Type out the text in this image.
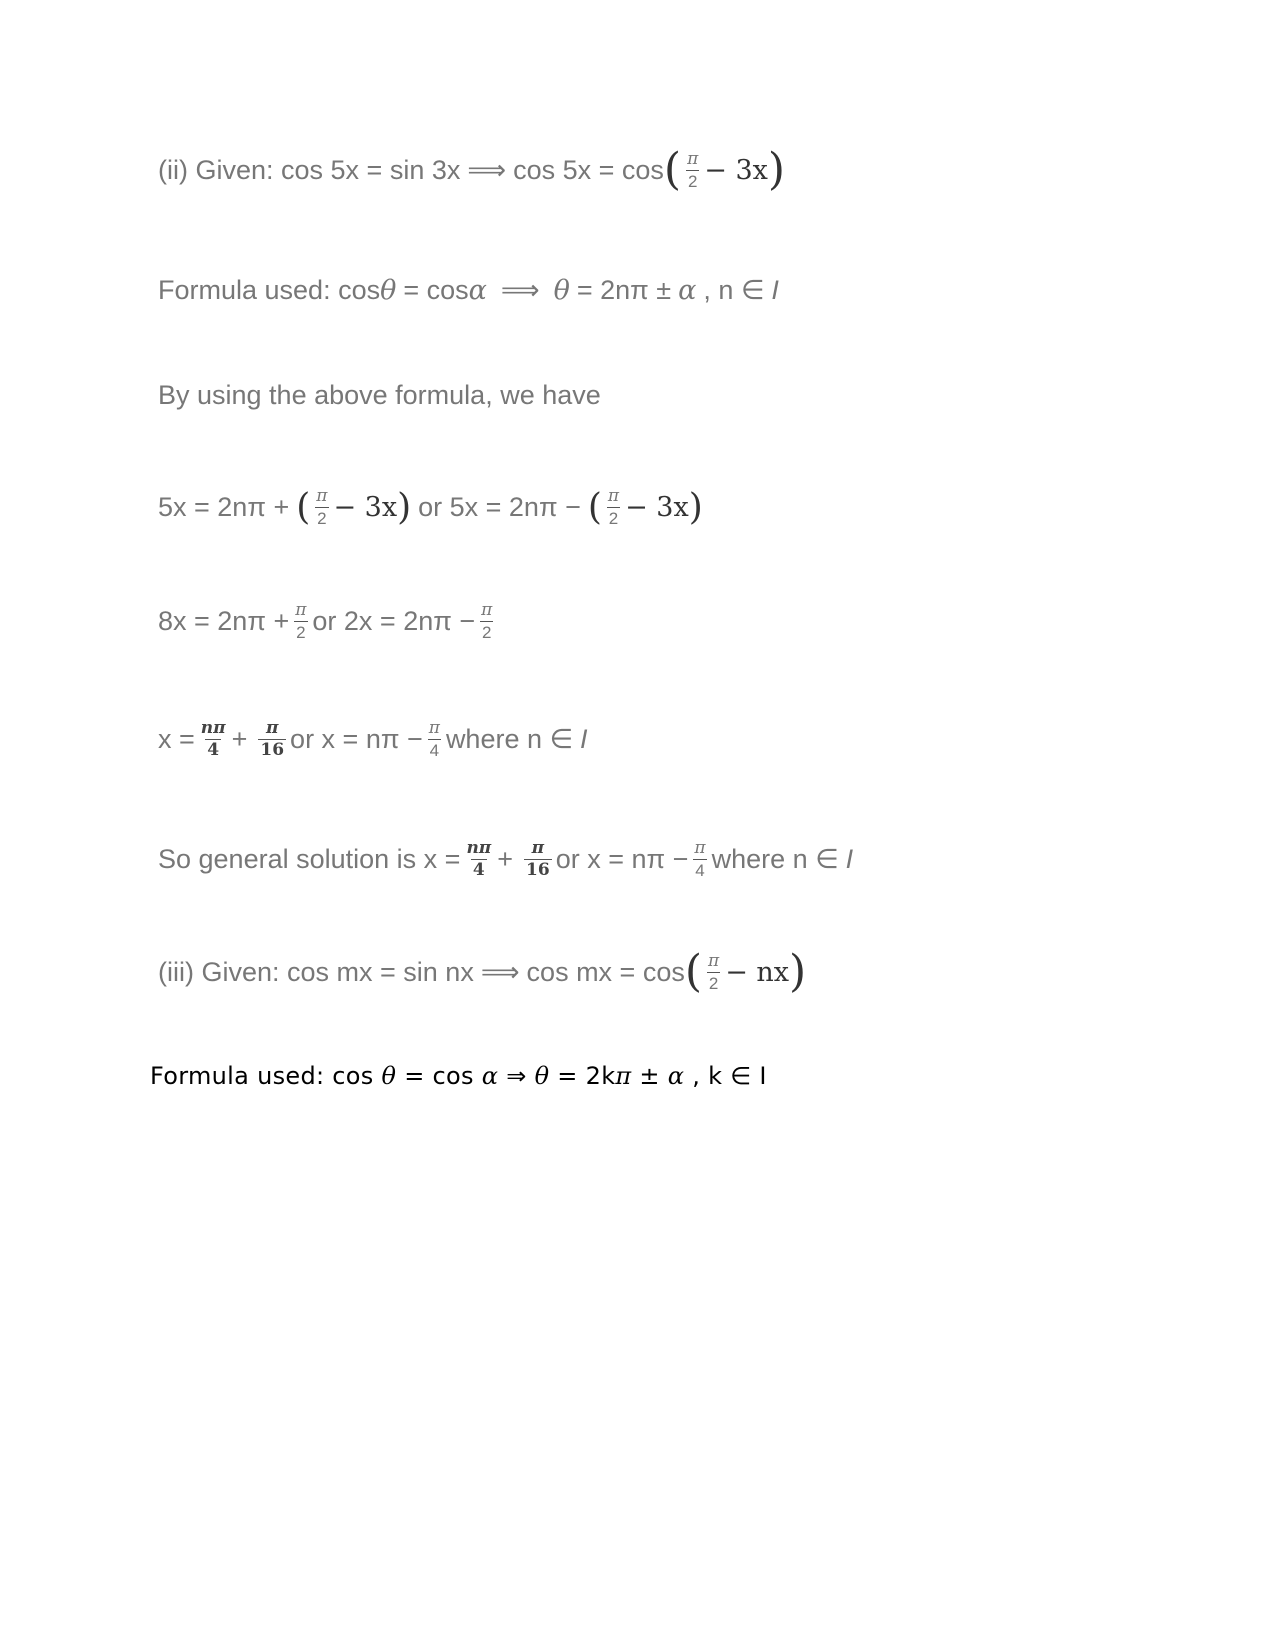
(ii) Given: cos 5x = sin 3x ⟹ cos 5x = cos ( $\frac{\pi}{2} - 3x$ )
Formula used: cos θ = cos α ⟹ θ = 2nπ ± α , n ∈ I
By using the above formula, we have
5x = 2nπ + ( $\frac{\pi}{2} - 3x$ ) or 5x = 2nπ − ( $\frac{\pi}{2} - 3x$ )
$8x = 2n\pi + \frac{\pi}{2}$ or $2x = 2n\pi - \frac{\pi}{2}$
$x = \frac{n\pi}{4} + \frac{\pi}{16}$ or $x = n\pi - \frac{\pi}{4}$ where n ∈ I
So general solution is $x = \frac{n\pi}{4} + \frac{\pi}{16}$ or $x = n\pi - \frac{\pi}{4}$ where n ∈ I
(iii) Given: cos mx = sin nx ⟹ cos mx = cos ( $\frac{\pi}{2}$ − nx )
Formula used: cos θ = cos α ⇒ θ = 2kπ ± α , k ∈ I
